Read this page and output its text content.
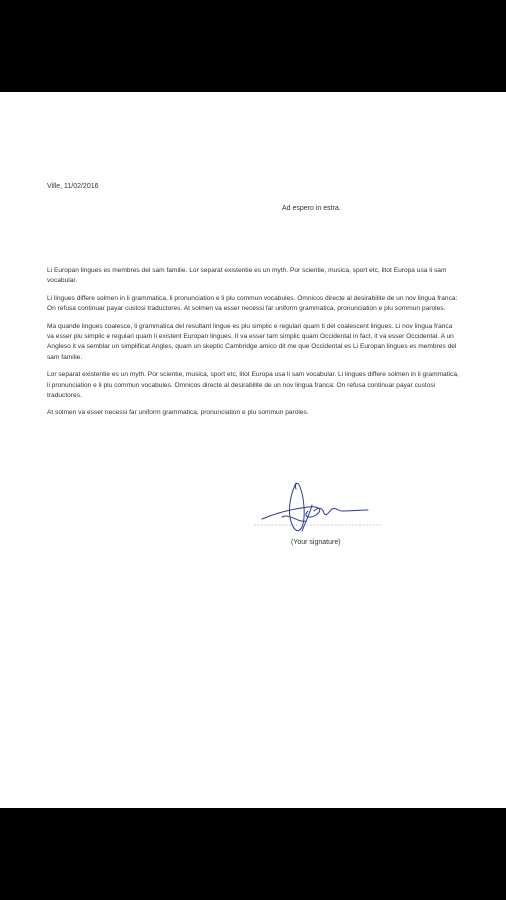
Ville, 11/02/2016
Ad espero in estra.

Li Europan lingues es membres del sam familie. Lor separat existentie es un myth. Por scientie, musica, sport etc, litot Europa usa li sam vocabular.

Li lingues differe solmen in li grammatica, li pronunciation e li plu commun vocabules. Omnicos directe al desirabilite de un nov lingua franca: On refusa continuar payar custosi traductores. At solmen va esser necessi far uniform grammatica, pronunciation e plu sommun paroles.

Ma quande lingues coalesce, li grammatica del resultant lingue es plu simplic e regulari quam ti del coalescent lingues. Li nov lingua franca va esser plu simplic e regulari quam li existent Europan lingues. It va esser tam simplic quam Occidental in fact, it va esser Occidental. A un Angleso it va semblar un simplificat Angles, quam un skeptic Cambridge amico dit me que Occidental es Li Europan lingues es membres del sam familie.

Lor separat existentie es un myth. Por scientie, musica, sport etc, litot Europa usa li sam vocabular. Li lingues differe solmen in li grammatica, li pronunciation e li plu commun vocabules. Omnicos directe al desirabilite de un nov lingua franca: On refusa continuar payar custosi traductores.

At solmen va esser necessi far uniform grammatica, pronunciation e plu sommun paroles.

(Your signature)
